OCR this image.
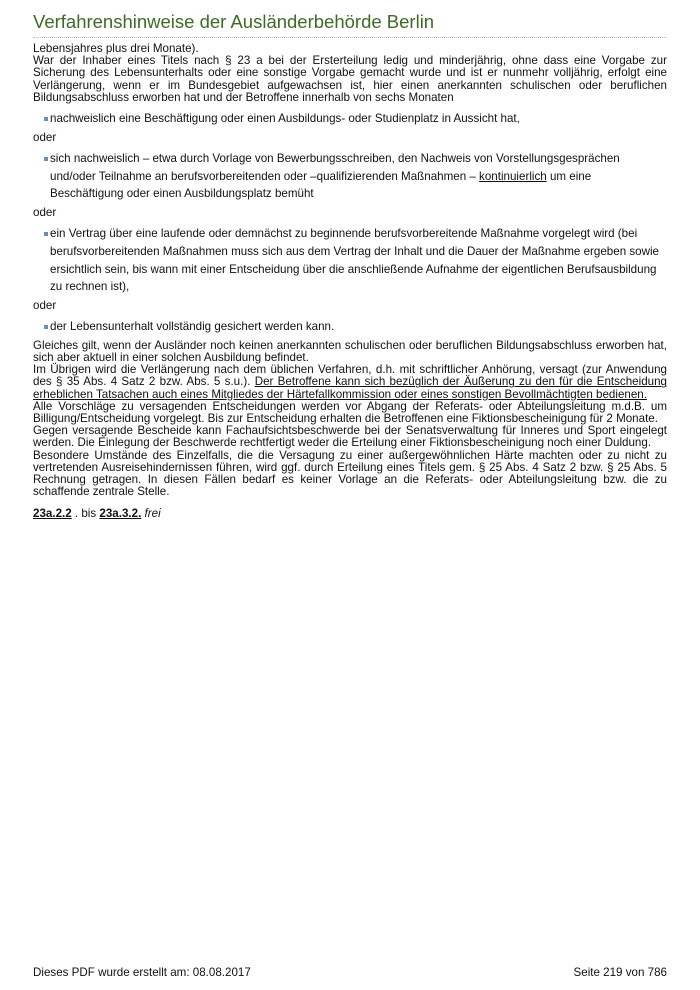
Verfahrenshinweise der Ausländerbehörde Berlin

Lebensjahres plus drei Monate).

War der Inhaber eines Titels nach § 23 a bei der Ersterteilung ledig und minderjährig, ohne dass eine Vorgabe zur Sicherung des Lebensunterhalts oder eine sonstige Vorgabe gemacht wurde und ist er nunmehr volljährig, erfolgt eine Verlängerung, wenn er im Bundesgebiet aufgewachsen ist, hier einen anerkannten schulischen oder beruflichen Bildungsabschluss erworben hat und der Betroffene innerhalb von sechs Monaten

nachweislich eine Beschäftigung oder einen Ausbildungs- oder Studienplatz in Aussicht hat,

oder

sich nachweislich – etwa durch Vorlage von Bewerbungsschreiben, den Nachweis von Vorstellungsgesprächen und/oder Teilnahme an berufsvorbereitenden oder –qualifizierenden Maßnahmen – kontinuierlich um eine Beschäftigung oder einen Ausbildungsplatz bemüht

oder

ein Vertrag über eine laufende oder demnächst zu beginnende berufsvorbereitende Maßnahme vorgelegt wird (bei berufsvorbereitenden Maßnahmen muss sich aus dem Vertrag der Inhalt und die Dauer der Maßnahme ergeben sowie ersichtlich sein, bis wann mit einer Entscheidung über die anschließende Aufnahme der eigentlichen Berufsausbildung zu rechnen ist),

oder

der Lebensunterhalt vollständig gesichert werden kann.

Gleiches gilt, wenn der Ausländer noch keinen anerkannten schulischen oder beruflichen Bildungsabschluss erworben hat, sich aber aktuell in einer solchen Ausbildung befindet.

Im Übrigen wird die Verlängerung nach dem üblichen Verfahren, d.h. mit schriftlicher Anhörung, versagt (zur Anwendung des § 35 Abs. 4 Satz 2 bzw. Abs. 5 s.u.). Der Betroffene kann sich bezüglich der Äußerung zu den für die Entscheidung erheblichen Tatsachen auch eines Mitgliedes der Härtefallkommission oder eines sonstigen Bevollmächtigten bedienen.

Alle Vorschläge zu versagenden Entscheidungen werden vor Abgang der Referats- oder Abteilungsleitung m.d.B. um Billigung/Entscheidung vorgelegt. Bis zur Entscheidung erhalten die Betroffenen eine Fiktionsbescheinigung für 2 Monate.

Gegen versagende Bescheide kann Fachaufsichtsbeschwerde bei der Senatsverwaltung für Inneres und Sport eingelegt werden. Die Einlegung der Beschwerde rechtfertigt weder die Erteilung einer Fiktionsbescheinigung noch einer Duldung.

Besondere Umstände des Einzelfalls, die die Versagung zu einer außergewöhnlichen Härte machten oder zu nicht zu vertretenden Ausreisehindernissen führen, wird ggf. durch Erteilung eines Titels gem. § 25 Abs. 4 Satz 2 bzw. § 25 Abs. 5 Rechnung getragen. In diesen Fällen bedarf es keiner Vorlage an die Referats- oder Abteilungsleitung bzw. die zu schaffende zentrale Stelle.

23a.2.2 . bis 23a.3.2. frei

Dieses PDF wurde erstellt am: 08.08.2017	Seite 219 von 786
